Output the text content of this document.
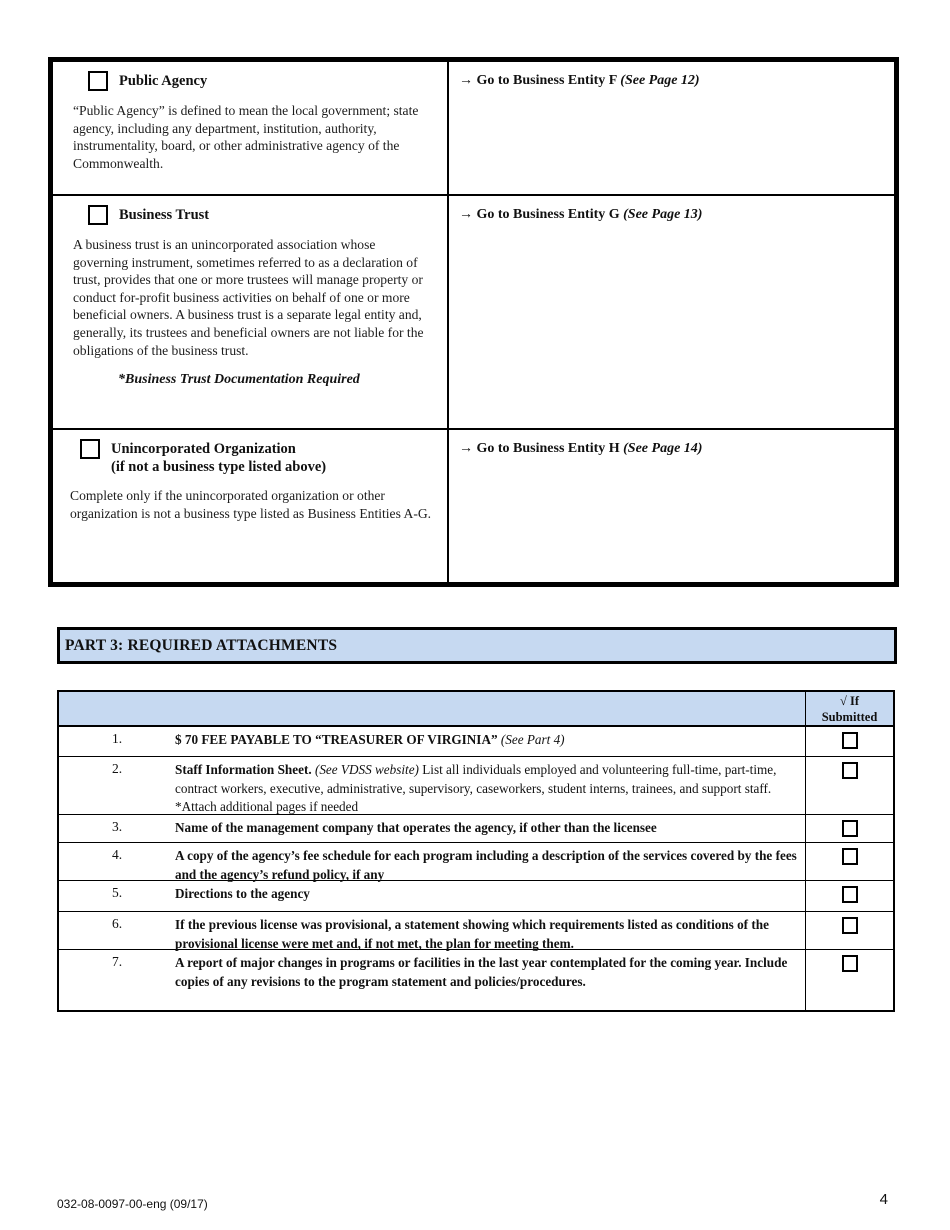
Public Agency
“Public Agency” is defined to mean the local government; state agency, including any department, institution, authority, instrumentality, board, or other administrative agency of the Commonwealth.
→ Go to Business Entity F (See Page 12)
Business Trust
A business trust is an unincorporated association whose governing instrument, sometimes referred to as a declaration of trust, provides that one or more trustees will manage property or conduct for-profit business activities on behalf of one or more beneficial owners. A business trust is a separate legal entity and, generally, its trustees and beneficial owners are not liable for the obligations of the business trust.
*Business Trust Documentation Required
→ Go to Business Entity G (See Page 13)
Unincorporated Organization
(if not a business type listed above)
Complete only if the unincorporated organization or other organization is not a business type listed as Business Entities A-G.
→ Go to Business Entity H (See Page 14)
PART 3: REQUIRED ATTACHMENTS
√ If
Submitted
1.	$ 70 FEE PAYABLE TO “TREASURER OF VIRGINIA” (See Part 4)
2.	Staff Information Sheet. (See VDSS website) List all individuals employed and volunteering full-time, part-time, contract workers, executive, administrative, supervisory, caseworkers, student interns, trainees, and support staff. *Attach additional pages if needed
3.	Name of the management company that operates the agency, if other than the licensee
4.	A copy of the agency’s fee schedule for each program including a description of the services covered by the fees and the agency’s refund policy, if any
5.	Directions to the agency
6.	If the previous license was provisional, a statement showing which requirements listed as conditions of the provisional license were met and, if not met, the plan for meeting them.
7.	A report of major changes in programs or facilities in the last year contemplated for the coming year. Include copies of any revisions to the program statement and policies/procedures.
032-08-0097-00-eng (09/17)	4
